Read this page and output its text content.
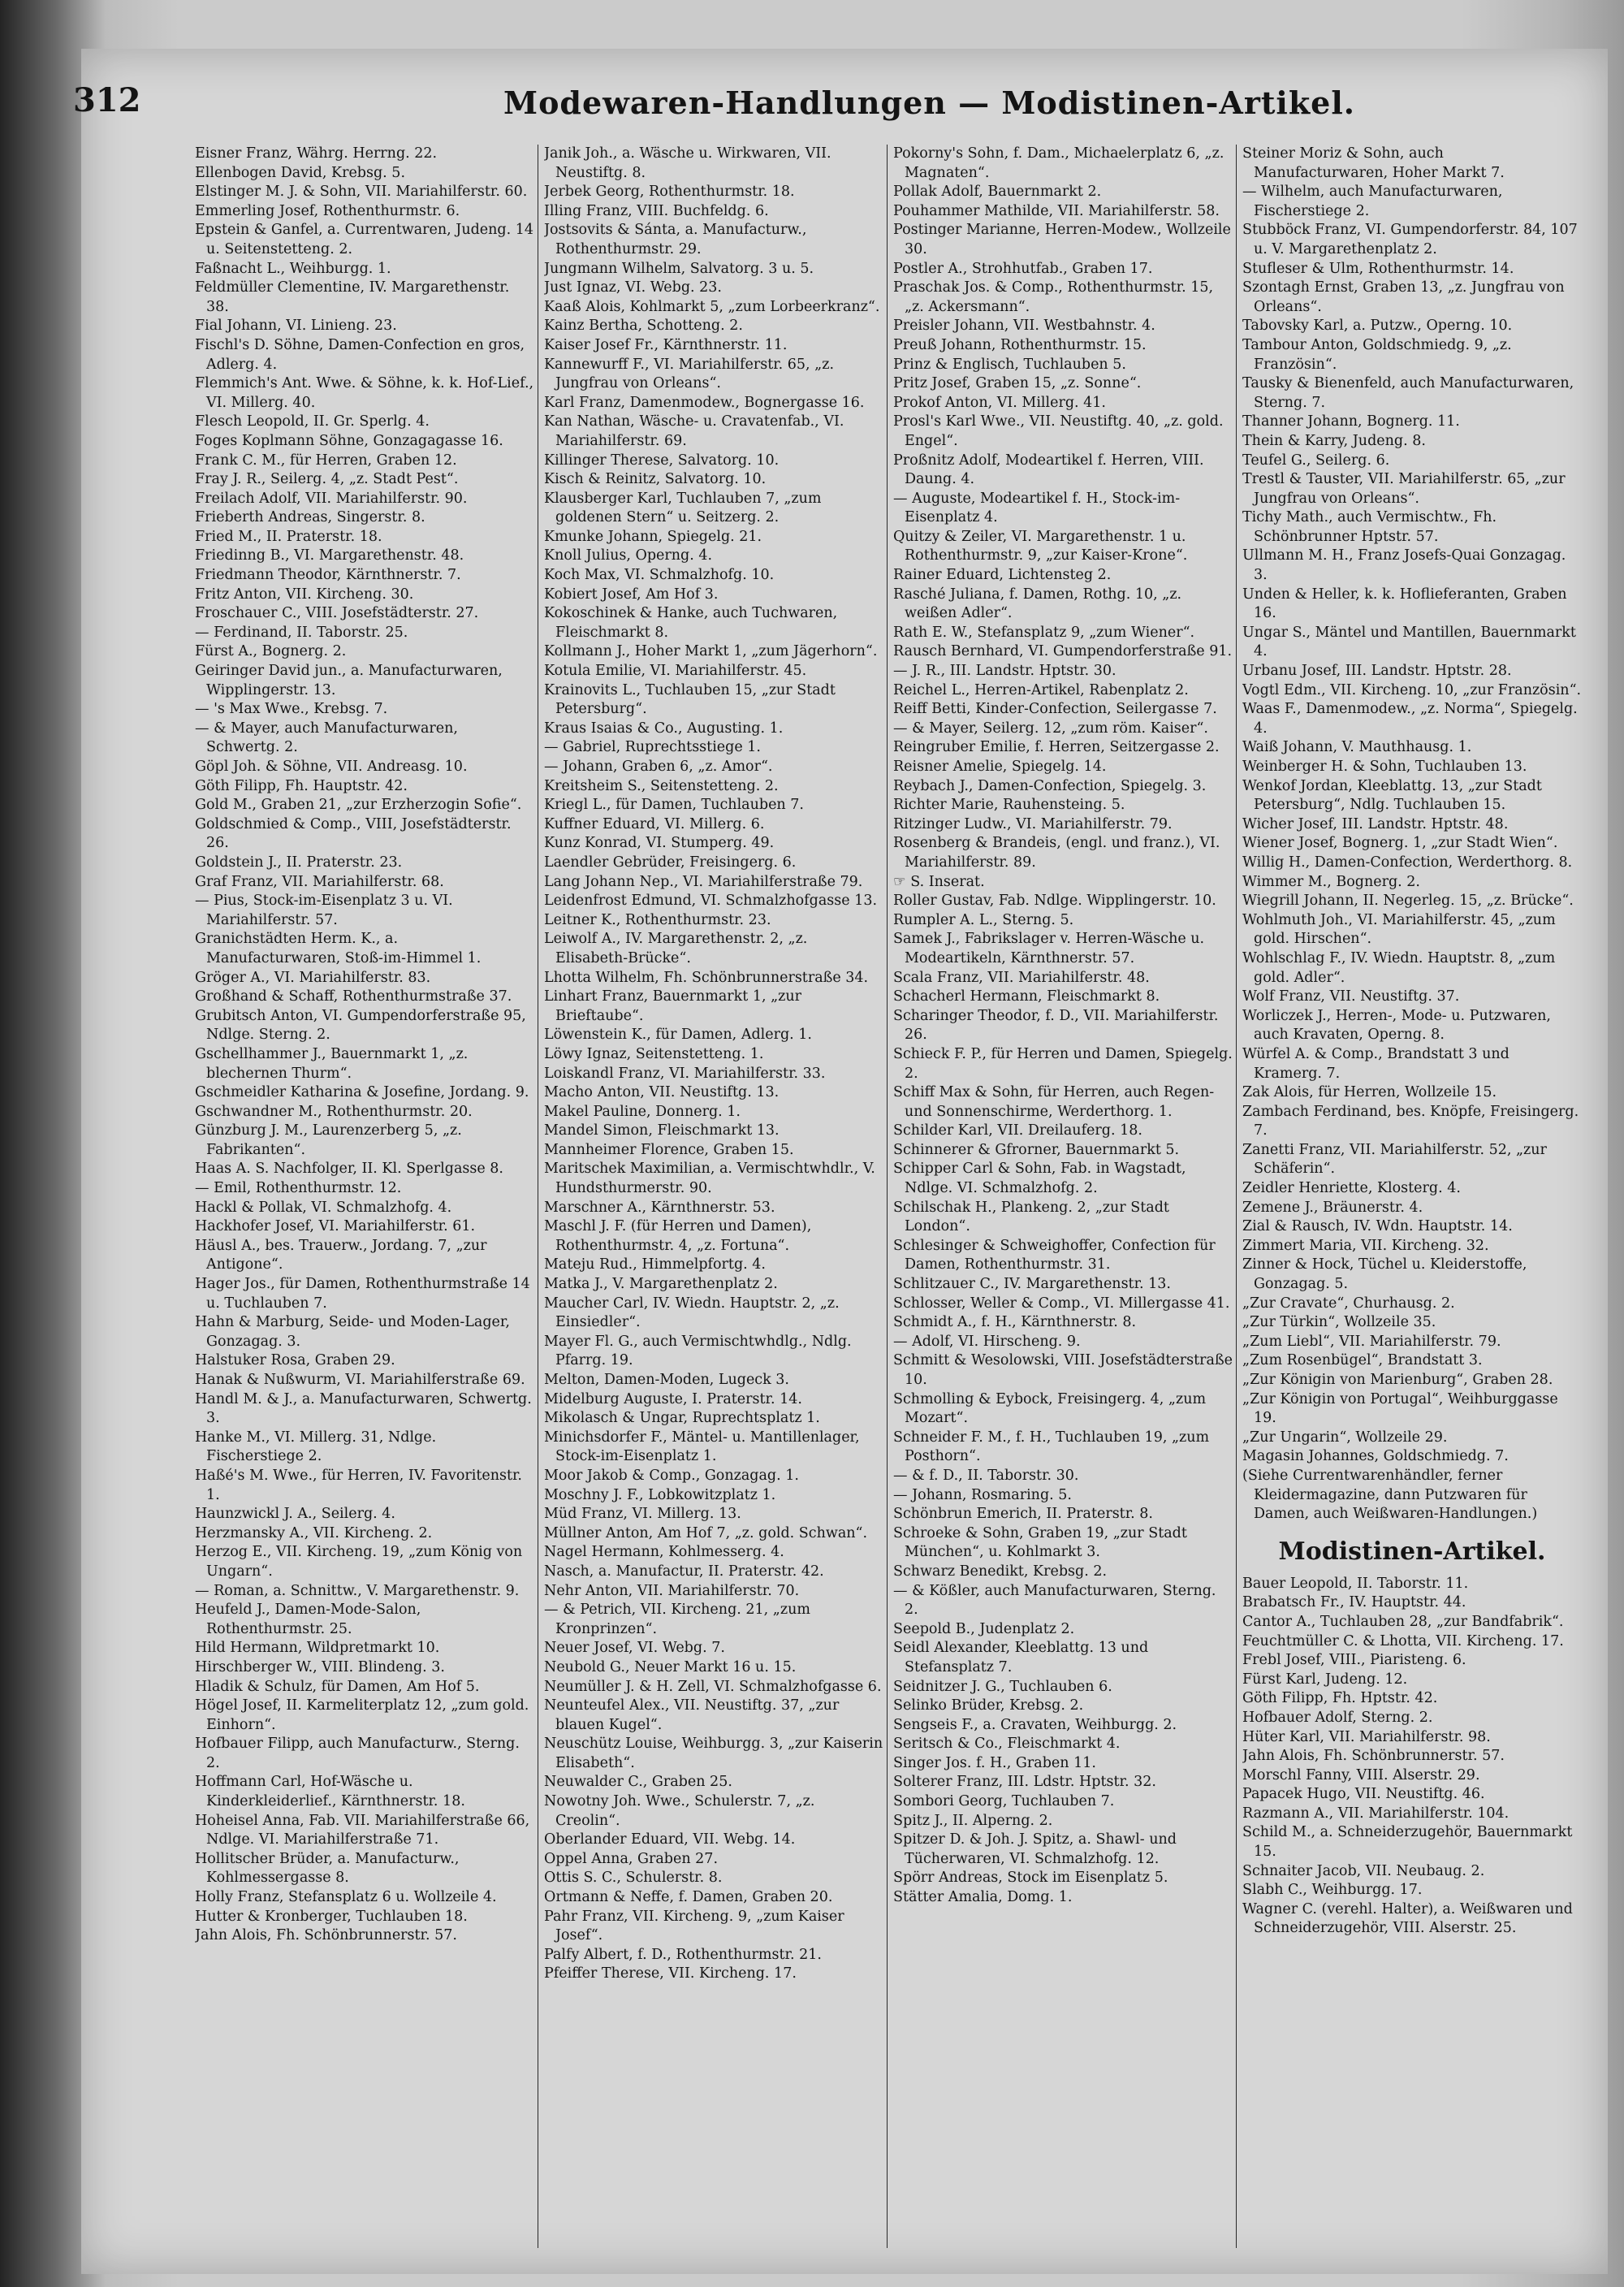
312	Modewaren-Handlungen — Modistinen-Artikel.
Eisner Franz, Währg. Herrng. 22.
Ellenbogen David, Krebsg. 5.
Elstinger M. J. & Sohn, VII. Mariahilferstr. 60.
Emmerling Josef, Rothenthurmstr. 6.
Epstein & Ganfel, a. Currentwaren, Judeng. 14 u. Seitenstetteng. 2.
Faßnacht L., Weihburgg. 1.
Feldmüller Clementine, IV. Margarethenstr. 38.
Fial Johann, VI. Linieng. 23.
Fischl's D. Söhne, Damen-Confection en gros, Adlerg. 4.
Flemmich's Ant. Wwe. & Söhne, k. k. Hof-Lief., VI. Millerg. 40.
Flesch Leopold, II. Gr. Sperlg. 4.
Foges Koplmann Söhne, Gonzagagasse 16.
Frank C. M., für Herren, Graben 12.
Fray J. R., Seilerg. 4, „z. Stadt Pest“.
Freilach Adolf, VII. Mariahilferstr. 90.
Frieberth Andreas, Singerstr. 8.
Fried M., II. Praterstr. 18.
Friedinng B., VI. Margarethenstr. 48.
Friedmann Theodor, Kärnthnerstr. 7.
Fritz Anton, VII. Kircheng. 30.
Froschauer C., VIII. Josefstädterstr. 27.
— Ferdinand, II. Taborstr. 25.
Fürst A., Bognerg. 2.
Geiringer David jun., a. Manufacturwaren, Wipplingerstr. 13.
— 's Max Wwe., Krebsg. 7.
— & Mayer, auch Manufacturwaren, Schwertg. 2.
Göpl Joh. & Söhne, VII. Andreasg. 10.
Göth Filipp, Fh. Hauptstr. 42.
Gold M., Graben 21, „zur Erzherzogin Sofie“.
Goldschmied & Comp., VIII, Josefstädterstr. 26.
Goldstein J., II. Praterstr. 23.
Graf Franz, VII. Mariahilferstr. 68.
— Pius, Stock-im-Eisenplatz 3 u. VI. Mariahilferstr. 57.
Granichstädten Herm. K., a. Manufacturwaren, Stoß-im-Himmel 1.
Gröger A., VI. Mariahilferstr. 83.
Großhand & Schaff, Rothenthurmstraße 37.
Grubitsch Anton, VI. Gumpendorferstraße 95, Ndlge. Sterng. 2.
Gschellhammer J., Bauernmarkt 1, „z. blechernen Thurm“.
Gschmeidler Katharina & Josefine, Jordang. 9.
Gschwandner M., Rothenthurmstr. 20.
Günzburg J. M., Laurenzerberg 5, „z. Fabrikanten“.
Haas A. S. Nachfolger, II. Kl. Sperlgasse 8.
— Emil, Rothenthurmstr. 12.
Hackl & Pollak, VI. Schmalzhofg. 4.
Hackhofer Josef, VI. Mariahilferstr. 61.
Häusl A., bes. Trauerw., Jordang. 7, „zur Antigone“.
Hager Jos., für Damen, Rothenthurmstraße 14 u. Tuchlauben 7.
Hahn & Marburg, Seide- und Moden-Lager, Gonzagag. 3.
Halstuker Rosa, Graben 29.
Hanak & Nußwurm, VI. Mariahilferstraße 69.
Handl M. & J., a. Manufacturwaren, Schwertg. 3.
Hanke M., VI. Millerg. 31, Ndlge. Fischerstiege 2.
Haßé's M. Wwe., für Herren, IV. Favoritenstr. 1.
Haunzwickl J. A., Seilerg. 4.
Herzmansky A., VII. Kircheng. 2.
Herzog E., VII. Kircheng. 19, „zum König von Ungarn“.
— Roman, a. Schnittw., V. Margarethenstr. 9.
Heufeld J., Damen-Mode-Salon, Rothenthurmstr. 25.
Hild Hermann, Wildpretmarkt 10.
Hirschberger W., VIII. Blindeng. 3.
Hladik & Schulz, für Damen, Am Hof 5.
Högel Josef, II. Karmeliterplatz 12, „zum gold. Einhorn“.
Hofbauer Filipp, auch Manufacturw., Sterng. 2.
Hoffmann Carl, Hof-Wäsche u. Kinderkleiderlief., Kärnthnerstr. 18.
Hoheisel Anna, Fab. VII. Mariahilferstraße 66, Ndlge. VI. Mariahilferstraße 71.
Hollitscher Brüder, a. Manufacturw., Kohlmessergasse 8.
Holly Franz, Stefansplatz 6 u. Wollzeile 4.
Hutter & Kronberger, Tuchlauben 18.
Jahn Alois, Fh. Schönbrunnerstr. 57.
Janik Joh., a. Wäsche u. Wirkwaren, VII. Neustiftg. 8.
Jerbek Georg, Rothenthurmstr. 18.
Illing Franz, VIII. Buchfeldg. 6.
Jostsovits & Sánta, a. Manufacturw., Rothenthurmstr. 29.
Jungmann Wilhelm, Salvatorg. 3 u. 5.
Just Ignaz, VI. Webg. 23.
Kaaß Alois, Kohlmarkt 5, „zum Lorbeerkranz“.
Kainz Bertha, Schotteng. 2.
Kaiser Josef Fr., Kärnthnerstr. 11.
Kannewurff F., VI. Mariahilferstr. 65, „z. Jungfrau von Orleans“.
Karl Franz, Damenmodew., Bognergasse 16.
Kan Nathan, Wäsche- u. Cravatenfab., VI. Mariahilferstr. 69.
Killinger Therese, Salvatorg. 10.
Kisch & Reinitz, Salvatorg. 10.
Klausberger Karl, Tuchlauben 7, „zum goldenen Stern“ u. Seitzerg. 2.
Kmunke Johann, Spiegelg. 21.
Knoll Julius, Operng. 4.
Koch Max, VI. Schmalzhofg. 10.
Kobiert Josef, Am Hof 3.
Kokoschinek & Hanke, auch Tuchwaren, Fleischmarkt 8.
Kollmann J., Hoher Markt 1, „zum Jägerhorn“.
Kotula Emilie, VI. Mariahilferstr. 45.
Krainovits L., Tuchlauben 15, „zur Stadt Petersburg“.
Kraus Isaias & Co., Augusting. 1.
— Gabriel, Ruprechtsstiege 1.
— Johann, Graben 6, „z. Amor“.
Kreitsheim S., Seitenstetteng. 2.
Kriegl L., für Damen, Tuchlauben 7.
Kuffner Eduard, VI. Millerg. 6.
Kunz Konrad, VI. Stumperg. 49.
Laendler Gebrüder, Freisingerg. 6.
Lang Johann Nep., VI. Mariahilferstraße 79.
Leidenfrost Edmund, VI. Schmalzhofgasse 13.
Leitner K., Rothenthurmstr. 23.
Leiwolf A., IV. Margarethenstr. 2, „z. Elisabeth-Brücke“.
Lhotta Wilhelm, Fh. Schönbrunnerstraße 34.
Linhart Franz, Bauernmarkt 1, „zur Brieftaube“.
Löwenstein K., für Damen, Adlerg. 1.
Löwy Ignaz, Seitenstetteng. 1.
Loiskandl Franz, VI. Mariahilferstr. 33.
Macho Anton, VII. Neustiftg. 13.
Makel Pauline, Donnerg. 1.
Mandel Simon, Fleischmarkt 13.
Mannheimer Florence, Graben 15.
Maritschek Maximilian, a. Vermischtwhdlr., V. Hundsthurmerstr. 90.
Marschner A., Kärnthnerstr. 53.
Maschl J. F. (für Herren und Damen), Rothenthurmstr. 4, „z. Fortuna“.
Mateju Rud., Himmelpfortg. 4.
Matka J., V. Margarethenplatz 2.
Maucher Carl, IV. Wiedn. Hauptstr. 2, „z. Einsiedler“.
Mayer Fl. G., auch Vermischtwhdlg., Ndlg. Pfarrg. 19.
Melton, Damen-Moden, Lugeck 3.
Midelburg Auguste, I. Praterstr. 14.
Mikolasch & Ungar, Ruprechtsplatz 1.
Minichsdorfer F., Mäntel- u. Mantillenlager, Stock-im-Eisenplatz 1.
Moor Jakob & Comp., Gonzagag. 1.
Moschny J. F., Lobkowitzplatz 1.
Müd Franz, VI. Millerg. 13.
Müllner Anton, Am Hof 7, „z. gold. Schwan“.
Nagel Hermann, Kohlmesserg. 4.
Nasch, a. Manufactur, II. Praterstr. 42.
Nehr Anton, VII. Mariahilferstr. 70.
— & Petrich, VII. Kircheng. 21, „zum Kronprinzen“.
Neuer Josef, VI. Webg. 7.
Neubold G., Neuer Markt 16 u. 15.
Neumüller J. & H. Zell, VI. Schmalzhofgasse 6.
Neunteufel Alex., VII. Neustiftg. 37, „zur blauen Kugel“.
Neuschütz Louise, Weihburgg. 3, „zur Kaiserin Elisabeth“.
Neuwalder C., Graben 25.
Nowotny Joh. Wwe., Schulerstr. 7, „z. Creolin“.
Oberlander Eduard, VII. Webg. 14.
Oppel Anna, Graben 27.
Ottis S. C., Schulerstr. 8.
Ortmann & Neffe, f. Damen, Graben 20.
Pahr Franz, VII. Kircheng. 9, „zum Kaiser Josef“.
Palfy Albert, f. D., Rothenthurmstr. 21.
Pfeiffer Therese, VII. Kircheng. 17.
Pokorny's Sohn, f. Dam., Michaelerplatz 6, „z. Magnaten“.
Pollak Adolf, Bauernmarkt 2.
Pouhammer Mathilde, VII. Mariahilferstr. 58.
Postinger Marianne, Herren-Modew., Wollzeile 30.
Postler A., Strohhutfab., Graben 17.
Praschak Jos. & Comp., Rothenthurmstr. 15, „z. Ackersmann“.
Preisler Johann, VII. Westbahnstr. 4.
Preuß Johann, Rothenthurmstr. 15.
Prinz & Englisch, Tuchlauben 5.
Pritz Josef, Graben 15, „z. Sonne“.
Prokof Anton, VI. Millerg. 41.
Prosl's Karl Wwe., VII. Neustiftg. 40, „z. gold. Engel“.
Proßnitz Adolf, Modeartikel f. Herren, VIII. Daung. 4.
— Auguste, Modeartikel f. H., Stock-im-Eisenplatz 4.
Quitzy & Zeiler, VI. Margarethenstr. 1 u. Rothenthurmstr. 9, „zur Kaiser-Krone“.
Rainer Eduard, Lichtensteg 2.
Rasché Juliana, f. Damen, Rothg. 10, „z. weißen Adler“.
Rath E. W., Stefansplatz 9, „zum Wiener“.
Rausch Bernhard, VI. Gumpendorferstraße 91.
— J. R., III. Landstr. Hptstr. 30.
Reichel L., Herren-Artikel, Rabenplatz 2.
Reiff Betti, Kinder-Confection, Seilergasse 7.
— & Mayer, Seilerg. 12, „zum röm. Kaiser“.
Reingruber Emilie, f. Herren, Seitzergasse 2.
Reisner Amelie, Spiegelg. 14.
Reybach J., Damen-Confection, Spiegelg. 3.
Richter Marie, Rauhensteing. 5.
Ritzinger Ludw., VI. Mariahilferstr. 79.
Rosenberg & Brandeis, (engl. und franz.), VI. Mariahilferstr. 89.
☞ S. Inserat.
Roller Gustav, Fab. Ndlge. Wipplingerstr. 10.
Rumpler A. L., Sterng. 5.
Samek J., Fabrikslager v. Herren-Wäsche u. Modeartikeln, Kärnthnerstr. 57.
Scala Franz, VII. Mariahilferstr. 48.
Schacherl Hermann, Fleischmarkt 8.
Scharinger Theodor, f. D., VII. Mariahilferstr. 26.
Schieck F. P., für Herren und Damen, Spiegelg. 2.
Schiff Max & Sohn, für Herren, auch Regen- und Sonnenschirme, Werderthorg. 1.
Schilder Karl, VII. Dreilauferg. 18.
Schinnerer & Gfrorner, Bauernmarkt 5.
Schipper Carl & Sohn, Fab. in Wagstadt, Ndlge. VI. Schmalzhofg. 2.
Schilschak H., Plankeng. 2, „zur Stadt London“.
Schlesinger & Schweighoffer, Confection für Damen, Rothenthurmstr. 31.
Schlitzauer C., IV. Margarethenstr. 13.
Schlosser, Weller & Comp., VI. Millergasse 41.
Schmidt A., f. H., Kärnthnerstr. 8.
— Adolf, VI. Hirscheng. 9.
Schmitt & Wesolowski, VIII. Josefstädterstraße 10.
Schmolling & Eybock, Freisingerg. 4, „zum Mozart“.
Schneider F. M., f. H., Tuchlauben 19, „zum Posthorn“.
— & f. D., II. Taborstr. 30.
— Johann, Rosmaring. 5.
Schönbrun Emerich, II. Praterstr. 8.
Schroeke & Sohn, Graben 19, „zur Stadt München“, u. Kohlmarkt 3.
Schwarz Benedikt, Krebsg. 2.
— & Kößler, auch Manufacturwaren, Sterng. 2.
Seepold B., Judenplatz 2.
Seidl Alexander, Kleeblattg. 13 und Stefansplatz 7.
Seidnitzer J. G., Tuchlauben 6.
Selinko Brüder, Krebsg. 2.
Sengseis F., a. Cravaten, Weihburgg. 2.
Seritsch & Co., Fleischmarkt 4.
Singer Jos. f. H., Graben 11.
Solterer Franz, III. Ldstr. Hptstr. 32.
Sombori Georg, Tuchlauben 7.
Spitz J., II. Alperng. 2.
Spitzer D. & Joh. J. Spitz, a. Shawl- und Tücherwaren, VI. Schmalzhofg. 12.
Spörr Andreas, Stock im Eisenplatz 5.
Stätter Amalia, Domg. 1.
Steiner Moriz & Sohn, auch Manufacturwaren, Hoher Markt 7.
— Wilhelm, auch Manufacturwaren, Fischerstiege 2.
Stubböck Franz, VI. Gumpendorferstr. 84, 107 u. V. Margarethenplatz 2.
Stufleser & Ulm, Rothenthurmstr. 14.
Szontagh Ernst, Graben 13, „z. Jungfrau von Orleans“.
Tabovsky Karl, a. Putzw., Operng. 10.
Tambour Anton, Goldschmiedg. 9, „z. Französin“.
Tausky & Bienenfeld, auch Manufacturwaren, Sterng. 7.
Thanner Johann, Bognerg. 11.
Thein & Karry, Judeng. 8.
Teufel G., Seilerg. 6.
Trestl & Tauster, VII. Mariahilferstr. 65, „zur Jungfrau von Orleans“.
Tichy Math., auch Vermischtw., Fh. Schönbrunner Hptstr. 57.
Ullmann M. H., Franz Josefs-Quai Gonzagag. 3.
Unden & Heller, k. k. Hoflieferanten, Graben 16.
Ungar S., Mäntel und Mantillen, Bauernmarkt 4.
Urbanu Josef, III. Landstr. Hptstr. 28.
Vogtl Edm., VII. Kircheng. 10, „zur Französin“.
Waas F., Damenmodew., „z. Norma“, Spiegelg. 4.
Waiß Johann, V. Mauthhausg. 1.
Weinberger H. & Sohn, Tuchlauben 13.
Wenkof Jordan, Kleeblattg. 13, „zur Stadt Petersburg“, Ndlg. Tuchlauben 15.
Wicher Josef, III. Landstr. Hptstr. 48.
Wiener Josef, Bognerg. 1, „zur Stadt Wien“.
Willig H., Damen-Confection, Werderthorg. 8.
Wimmer M., Bognerg. 2.
Wiegrill Johann, II. Negerleg. 15, „z. Brücke“.
Wohlmuth Joh., VI. Mariahilferstr. 45, „zum gold. Hirschen“.
Wohlschlag F., IV. Wiedn. Hauptstr. 8, „zum gold. Adler“.
Wolf Franz, VII. Neustiftg. 37.
Worliczek J., Herren-, Mode- u. Putzwaren, auch Kravaten, Operng. 8.
Würfel A. & Comp., Brandstatt 3 und Kramerg. 7.
Zak Alois, für Herren, Wollzeile 15.
Zambach Ferdinand, bes. Knöpfe, Freisingerg. 7.
Zanetti Franz, VII. Mariahilferstr. 52, „zur Schäferin“.
Zeidler Henriette, Klosterg. 4.
Zemene J., Bräunerstr. 4.
Zial & Rausch, IV. Wdn. Hauptstr. 14.
Zimmert Maria, VII. Kircheng. 32.
Zinner & Hock, Tüchel u. Kleiderstoffe, Gonzagag. 5.
„Zur Cravate“, Churhausg. 2.
„Zur Türkin“, Wollzeile 35.
„Zum Liebl“, VII. Mariahilferstr. 79.
„Zum Rosenbügel“, Brandstatt 3.
„Zur Königin von Marienburg“, Graben 28.
„Zur Königin von Portugal“, Weihburggasse 19.
„Zur Ungarin“, Wollzeile 29.
Magasin Johannes, Goldschmiedg. 7.
(Siehe Currentwarenhändler, ferner Kleidermagazine, dann Putzwaren für Damen, auch Weißwaren-Handlungen.)
Modistinen-Artikel.
Bauer Leopold, II. Taborstr. 11.
Brabatsch Fr., IV. Hauptstr. 44.
Cantor A., Tuchlauben 28, „zur Bandfabrik“.
Feuchtmüller C. & Lhotta, VII. Kircheng. 17.
Frebl Josef, VIII., Piaristeng. 6.
Fürst Karl, Judeng. 12.
Göth Filipp, Fh. Hptstr. 42.
Hofbauer Adolf, Sterng. 2.
Hüter Karl, VII. Mariahilferstr. 98.
Jahn Alois, Fh. Schönbrunnerstr. 57.
Morschl Fanny, VIII. Alserstr. 29.
Papacek Hugo, VII. Neustiftg. 46.
Razmann A., VII. Mariahilferstr. 104.
Schild M., a. Schneiderzugehör, Bauernmarkt 15.
Schnaiter Jacob, VII. Neubaug. 2.
Slabh C., Weihburgg. 17.
Wagner C. (verehl. Halter), a. Weißwaren und Schneiderzugehör, VIII. Alserstr. 25.
